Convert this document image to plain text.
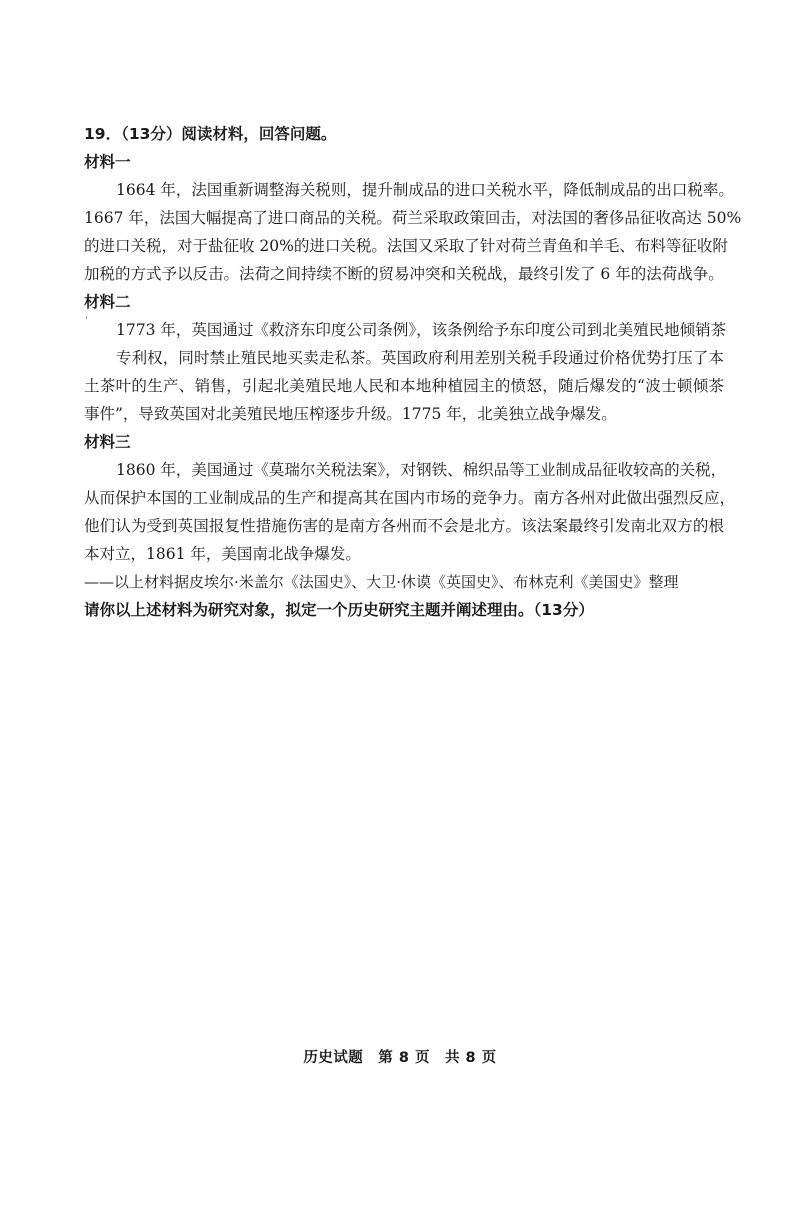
19．（13分）阅读材料，回答问题。
材料一
1664 年，法国重新调整海关税则，提升制成品的进口关税水平，降低制成品的出口税率。
1667 年，法国大幅提高了进口商品的关税。荷兰采取政策回击，对法国的奢侈品征收高达 50%
的进口关税，对于盐征收 20%的进口关税。法国又采取了针对荷兰青鱼和羊毛、布料等征收附
加税的方式予以反击。法荷之间持续不断的贸易冲突和关税战，最终引发了 6 年的法荷战争。
材料二
1773 年，英国通过《救济东印度公司条例》，该条例给予东印度公司到北美殖民地倾销茶
专利权，同时禁止殖民地买卖走私茶。英国政府利用差别关税手段通过价格优势打压了本
土茶叶的生产、销售，引起北美殖民地人民和本地种植园主的愤怒，随后爆发的“波士顿倾茶
事件”，导致英国对北美殖民地压榨逐步升级。1775 年，北美独立战争爆发。
材料三
1860 年，美国通过《莫瑞尔关税法案》，对钢铁、棉织品等工业制成品征收较高的关税，
从而保护本国的工业制成品的生产和提高其在国内市场的竞争力。南方各州对此做出强烈反应，
他们认为受到英国报复性措施伤害的是南方各州而不会是北方。该法案最终引发南北双方的根
本对立，1861 年，美国南北战争爆发。
——以上材料据皮埃尔·米盖尔《法国史》、大卫·休谟《英国史》、布林克利《美国史》整理
请你以上述材料为研究对象，拟定一个历史研究主题并阐述理由。（13分）
‘
历史试题　第 8 页　共 8 页
